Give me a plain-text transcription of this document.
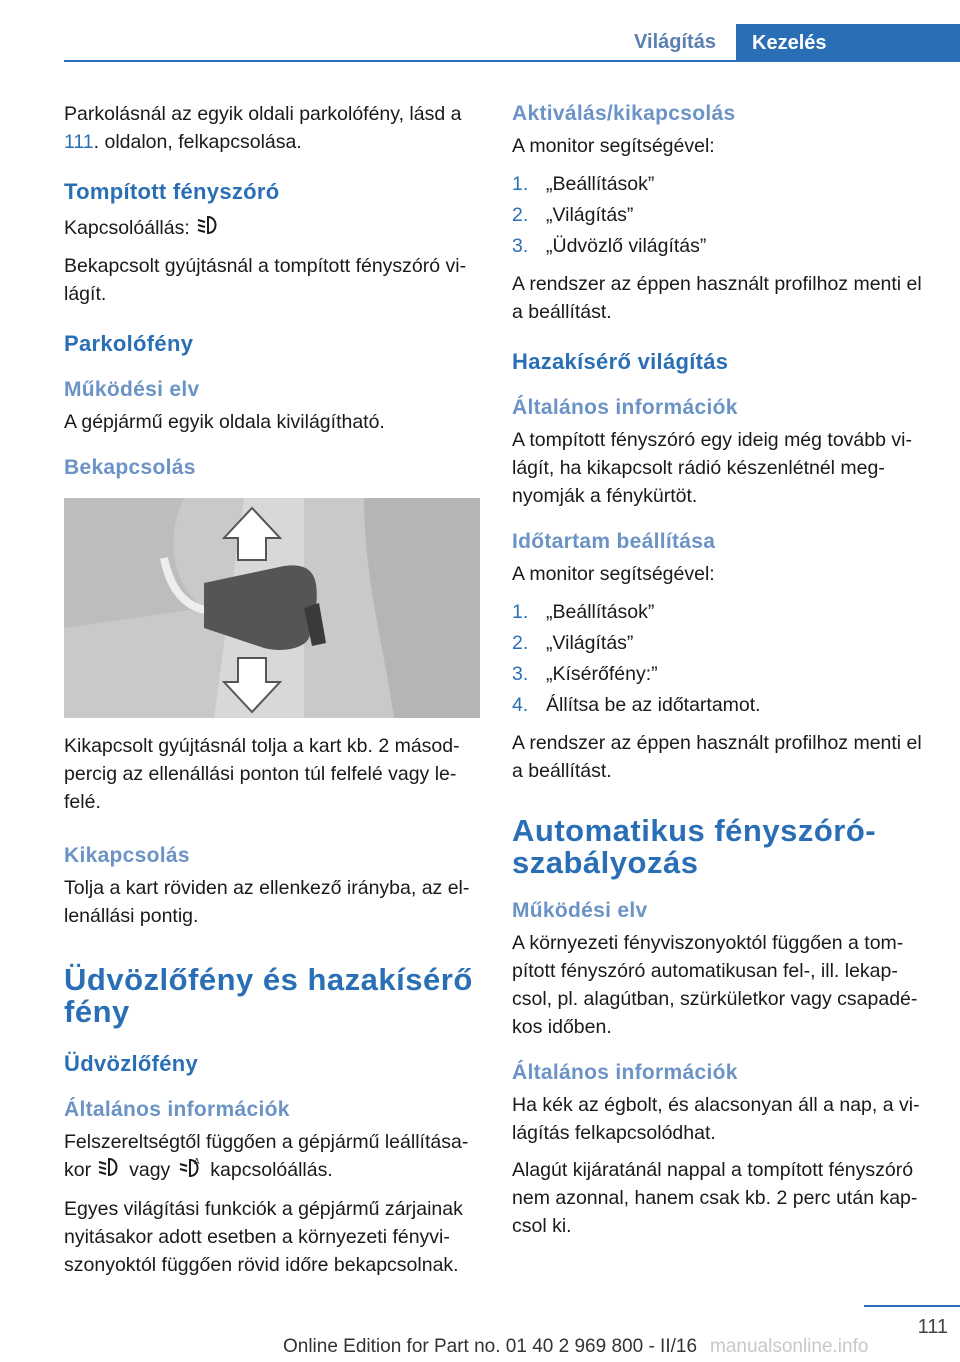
Világítás	Kezelés

Parkolásnál az egyik oldali parkolófény, lásd a 111. oldalon, felkapcsolása.

Tompított fényszóró

Kapcsolóállás:

Bekapcsolt gyújtásnál a tompított fényszóró vi-lágít.

Parkolófény
Működési elv

A gépjármű egyik oldala kivilágítható.

Bekapcsolás

Kikapcsolt gyújtásnál tolja a kart kb. 2 másod-percig az ellenállási ponton túl felfelé vagy le-felé.

Kikapcsolás

Tolja a kart röviden az ellenkező irányba, az el-lenállási pontig.

Üdvözlőfény és hazakísérő fény
Üdvözlőfény
Általános információk

Felszereltségtől függően a gépjármű leállítása-kor vagy	A kapcsolóállás.

Egyes világítási funkciók a gépjármű zárjainak nyitásakor adott esetben a környezeti fényvi-szonyoktól függően rövid időre bekapcsolnak.

Aktiválás/kikapcsolás

A monitor segítségével:

1. „Beállítások”
2. „Világítás”
3. „Üdvözlő világítás”

A rendszer az éppen használt profilhoz menti el a beállítást.

Hazakísérő világítás
Általános információk

A tompított fényszóró egy ideig még tovább vi-lágít, ha kikapcsolt rádió készenlétnél meg-nyomják a fénykürtöt.

Időtartam beállítása

A monitor segítségével:

1. „Beállítások”
2. „Világítás”
3. „Kísérőfény:”
4. Állítsa be az időtartamot.

A rendszer az éppen használt profilhoz menti el a beállítást.

Automatikus fényszóró-szabályozás
Működési elv

A környezeti fényviszonyoktól függően a tom-pított fényszóró automatikusan fel-, ill. lekap-csol, pl. alagútban, szürkületkor vagy csapadé-kos időben.

Általános információk

Ha kék az égbolt, és alacsonyan áll a nap, a vi-lágítás felkapcsolódhat.

Alagút kijáratánál nappal a tompított fényszóró nem azonnal, hanem csak kb. 2 perc után kap-csol ki.

111
Online Edition for Part no. 01 40 2 969 800 - II/16 manualsonline.info
